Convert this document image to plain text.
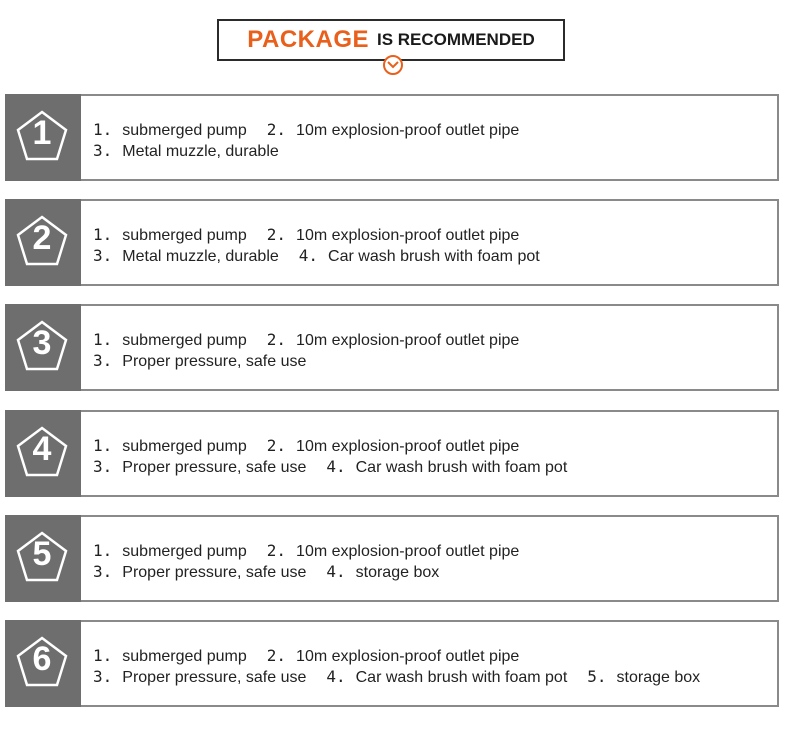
PACKAGE IS RECOMMENDED
1	1. submerged pump 2. 10m explosion-proof outlet pipe
3. Metal muzzle, durable
2	1. submerged pump 2. 10m explosion-proof outlet pipe
3. Metal muzzle, durable 4. Car wash brush with foam pot
3	1. submerged pump 2. 10m explosion-proof outlet pipe
3. Proper pressure, safe use
4	1. submerged pump 2. 10m explosion-proof outlet pipe
3. Proper pressure, safe use 4. Car wash brush with foam pot
5	1. submerged pump 2. 10m explosion-proof outlet pipe
3. Proper pressure, safe use 4. storage box
6	1. submerged pump 2. 10m explosion-proof outlet pipe
3. Proper pressure, safe use 4. Car wash brush with foam pot 5. storage box
